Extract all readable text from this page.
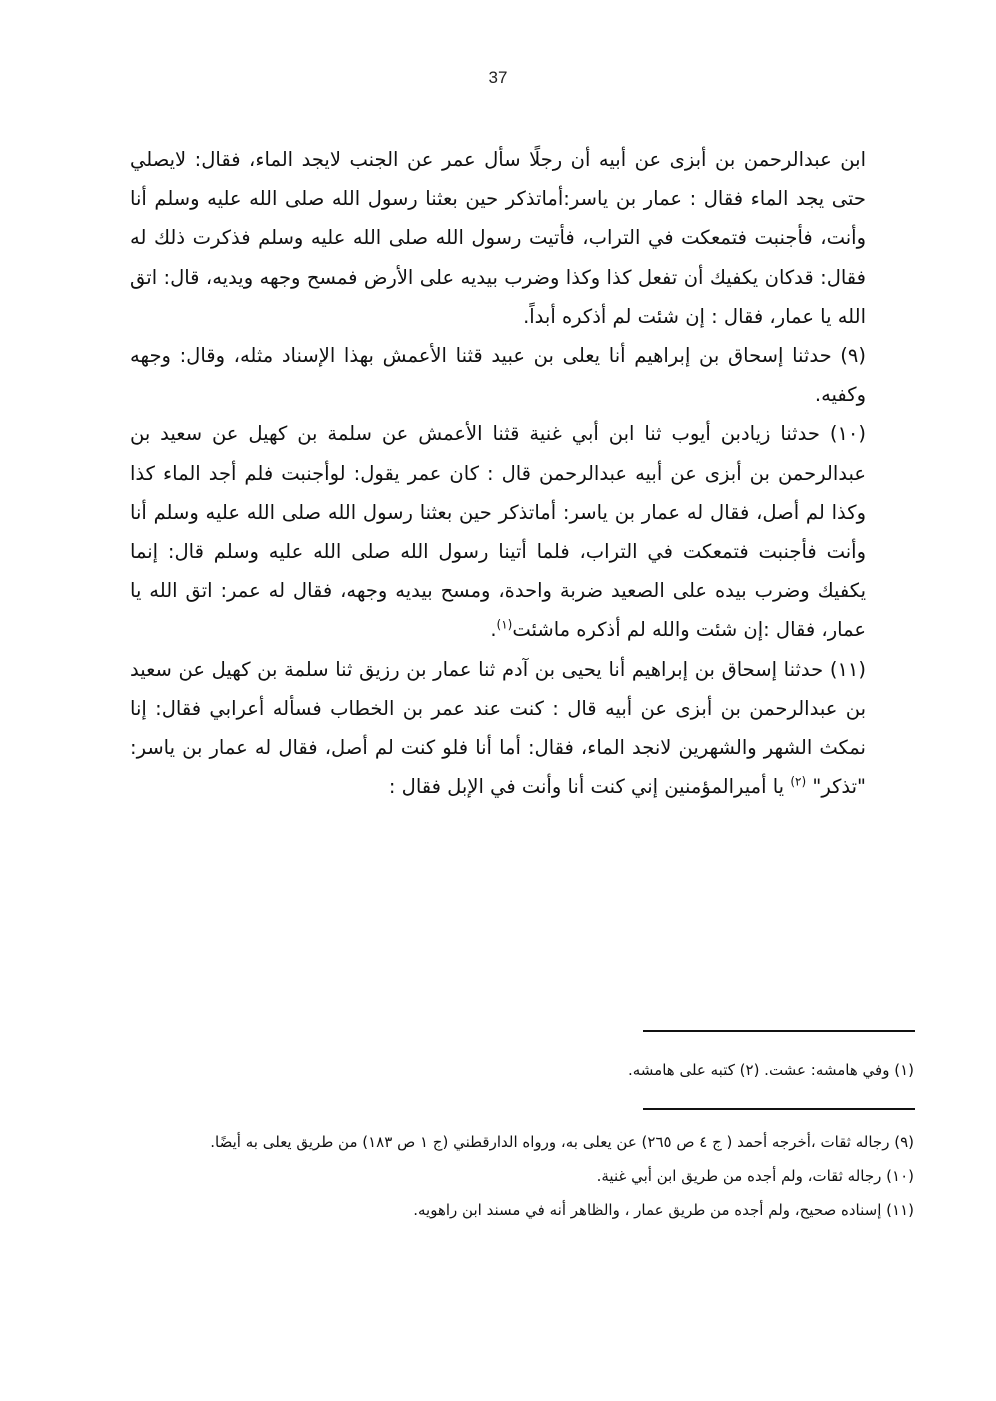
37

ابن عبدالرحمن بن أبزى عن أبيه أن رجلًا سأل عمر عن الجنب لايجد الماء، فقال: لايصلي حتى يجد الماء فقال : عمار بن ياسر:أماتذكر حين بعثنا رسول الله صلى الله عليه وسلم أنا وأنت، فأجنبت فتمعكت في التراب، فأتيت رسول الله صلى الله عليه وسلم فذكرت ذلك له فقال: قدكان يكفيك أن تفعل كذا وكذا وضرب بيديه على الأرض فمسح وجهه ويديه، قال: اتق الله يا عمار، فقال : إن شئت لم أذكره أبداً.

(٩) حدثنا إسحاق بن إبراهيم أنا يعلى بن عبيد قثنا الأعمش بهذا الإسناد مثله، وقال: وجهه وكفيه.

(١٠) حدثنا زيادبن أيوب ثنا ابن أبي غنية قثنا الأعمش عن سلمة بن كهيل عن سعيد بن عبدالرحمن بن أبزى عن أبيه عبدالرحمن قال : كان عمر يقول: لوأجنبت فلم أجد الماء كذا وكذا لم أصل، فقال له عمار بن ياسر: أماتذكر حين بعثنا رسول الله صلى الله عليه وسلم أنا وأنت فأجنبت فتمعكت في التراب، فلما أتينا رسول الله صلى الله عليه وسلم قال: إنما يكفيك وضرب بيده على الصعيد ضربة واحدة، ومسح بيديه وجهه، فقال له عمر: اتق الله يا عمار، فقال :إن شئت والله لم أذكره ماشئت$^{(١)}$.

(١١) حدثنا إسحاق بن إبراهيم أنا يحيى بن آدم ثنا عمار بن رزيق ثنا سلمة بن كهيل عن سعيد بن عبدالرحمن بن أبزى عن أبيه قال : كنت عند عمر بن الخطاب فسأله أعرابي فقال: إنا نمكث الشهر والشهرين لانجد الماء، فقال: أما أنا فلو كنت لم أصل، فقال له عمار بن ياسر: "تذكر" $^{(٢)}$ يا أميرالمؤمنين إني كنت أنا وأنت في الإبل فقال :

(١) وفي هامشه: عشت. (٢) كتبه على هامشه.

(٩) رجاله ثقات ،أخرجه أحمد ( ج ٤ ص ٢٦٥) عن يعلى به، ورواه الدارقطني (ج ١ ص ١٨٣) من طريق يعلى به أيضًا.

(١٠) رجاله ثقات، ولم أجده من طريق ابن أبي غنية.

(١١) إسناده صحيح، ولم أجده من طريق عمار ، والظاهر أنه في مسند ابن راهويه.
